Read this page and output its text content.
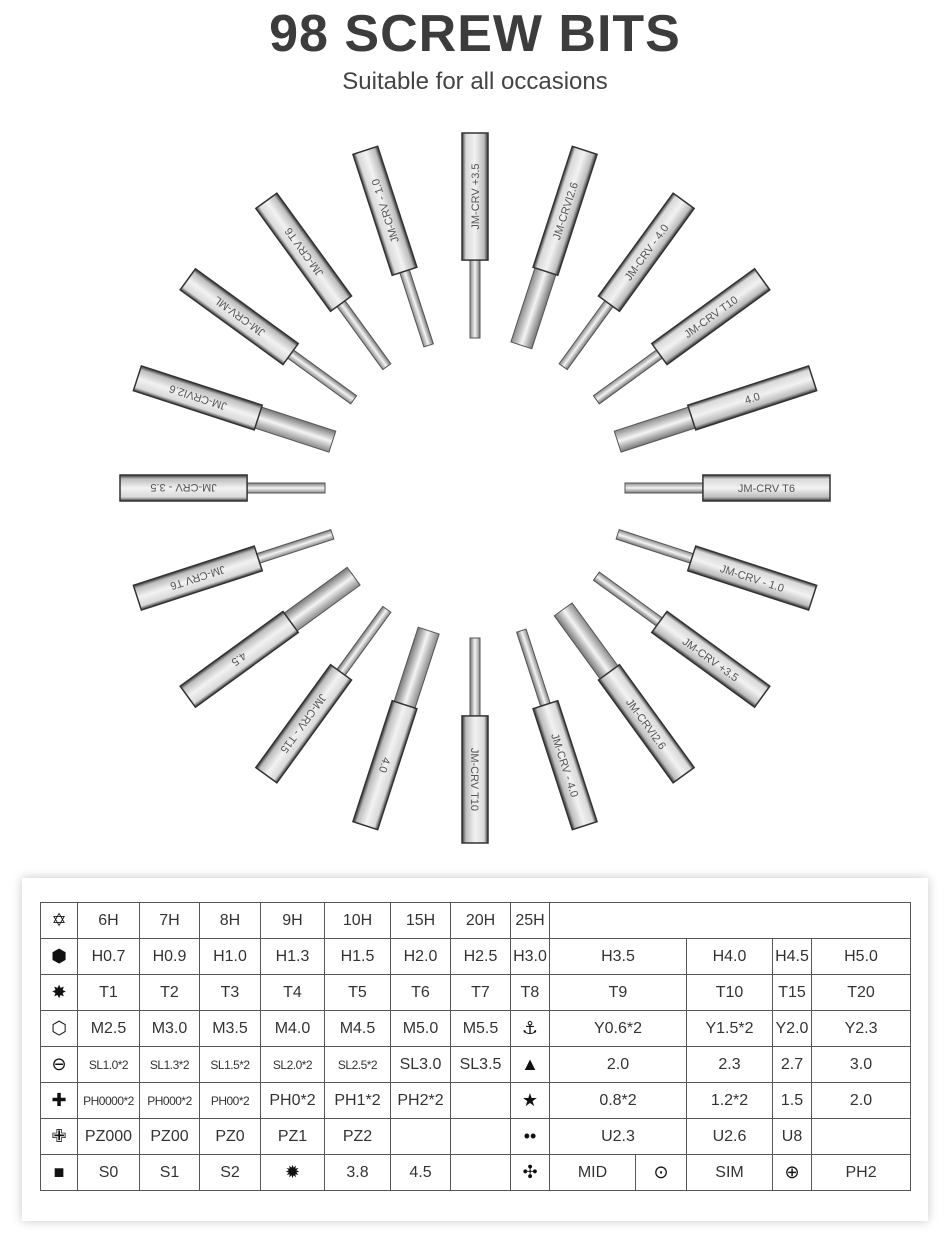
98 SCREW BITS
Suitable for all occasions
JM-CRV +3.5	JM-CRVI2.6
JM-CRV - 4.0
JM-CRV T10
4.0
JM-CRV T6
JM-CRV - 1.0
JM-CRV +3.5
JM-CRVI2.6
JM-CRV - 4.0
JM-CRV T10
4.0
JM-CRV - T15
4.5
JM-CRV T6
JM-CRV - 3.5
JM-CRVI2.6
JM-CRV-ML
JM-CRV T6
JM-CRV - 1.0
✡	6H	7H	8H	9H	10H	15H	20H	25H						
⬢	H0.7	H0.9	H1.0	H1.3	H1.5	H2.0	H2.5	H3.0	H3.5		H4.0	H4.5	H5.0	
✸	T1	T2	T3	T4	T5	T6	T7	T8	T9		T10	T15	T20	
⬡	M2.5	M3.0	M3.5	M4.0	M4.5	M5.0	M5.5	⚓	Y0.6*2		Y1.5*2	Y2.0	Y2.3	
⊖	SL1.0*2	SL1.3*2	SL1.5*2	SL2.0*2	SL2.5*2	SL3.0	SL3.5	▲	2.0		2.3	2.7	3.0	
✚	PH0000*2	PH000*2	PH00*2	PH0*2	PH1*2	PH2*2		★	0.8*2		1.2*2	1.5	2.0	
✙	PZ000	PZ00	PZ0	PZ1	PZ2			••	U2.3		U2.6	U8		
■	S0	S1	S2	✹	3.8	4.5		✣	MID	⊙	SIM	⊕	PH2	
